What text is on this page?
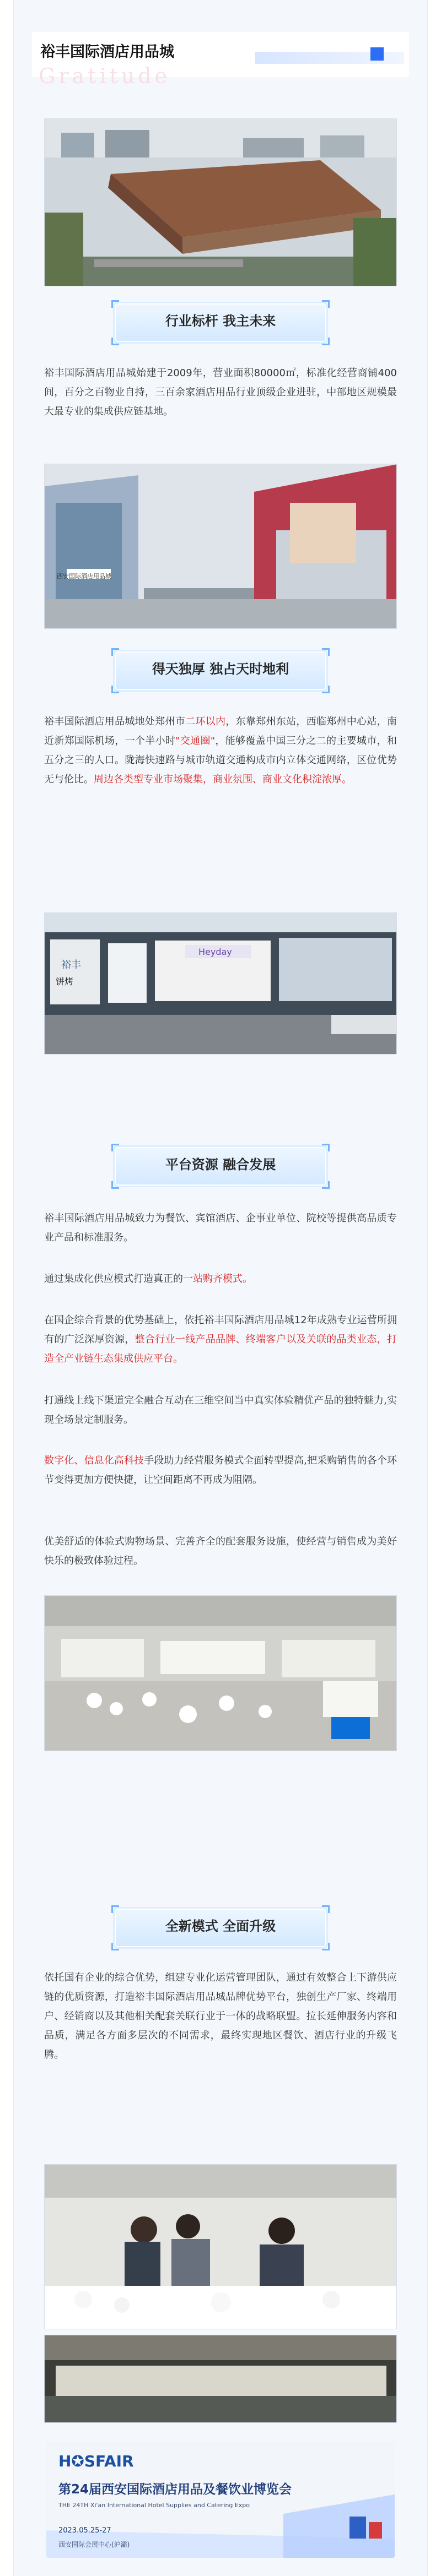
裕丰国际酒店用品城
Gratitude
行业标杆 我主未来
裕丰国际酒店用品城始建于2009年，营业面积80000㎡，标准化经营商铺400间，百分之百物业自持，三百余家酒店用品行业顶级企业进驻，中部地区规模最大最专业的集成供应链基地。
西安国际酒店用品城
得天独厚 独占天时地利
裕丰国际酒店用品城地处郑州市二环以内，东靠郑州东站，西临郑州中心站，南近新郑国际机场，一个半小时"交通圈"，能够覆盖中国三分之二的主要城市，和五分之三的人口。陇海快速路与城市轨道交通构成市内立体交通网络，区位优势无与伦比。周边各类型专业市场聚集，商业氛围、商业文化积淀浓厚。
裕丰
Heyday
饼烤
平台资源 融合发展
裕丰国际酒店用品城致力为餐饮、宾馆酒店、企事业单位、院校等提供高品质专业产品和标准服务。
通过集成化供应模式打造真正的一站购齐模式。
在国企综合背景的优势基础上，依托裕丰国际酒店用品城12年成熟专业运营所拥有的广泛深厚资源，整合行业一线产品品牌、终端客户以及关联的品类业态，打造全产业链生态集成供应平台。
打通线上线下渠道完全融合互动在三维空间当中真实体验精优产品的独特魅力,实现全场景定制服务。
数字化、信息化高科技手段助力经营服务模式全面转型提高,把采购销售的各个环节变得更加方便快捷，让空间距离不再成为阻隔。
优美舒适的体验式购物场景、完善齐全的配套服务设施，使经营与销售成为美好快乐的极致体验过程。
全新模式 全面升级
依托国有企业的综合优势，组建专业化运营管理团队，通过有效整合上下游供应链的优质资源，打造裕丰国际酒店用品城品牌优势平台，独创生产厂家、终端用户、经销商以及其他相关配套关联行业于一体的战略联盟。拉长延伸服务内容和品质，满足各方面多层次的不同需求，最终实现地区餐饮、酒店行业的升级飞腾。
H✪SFAIR
第24届西安国际酒店用品及餐饮业博览会
THE 24TH Xi'an International Hotel Supplies and Catering Expo
2023.05.25-27
西安国际会展中心(沪灞)
